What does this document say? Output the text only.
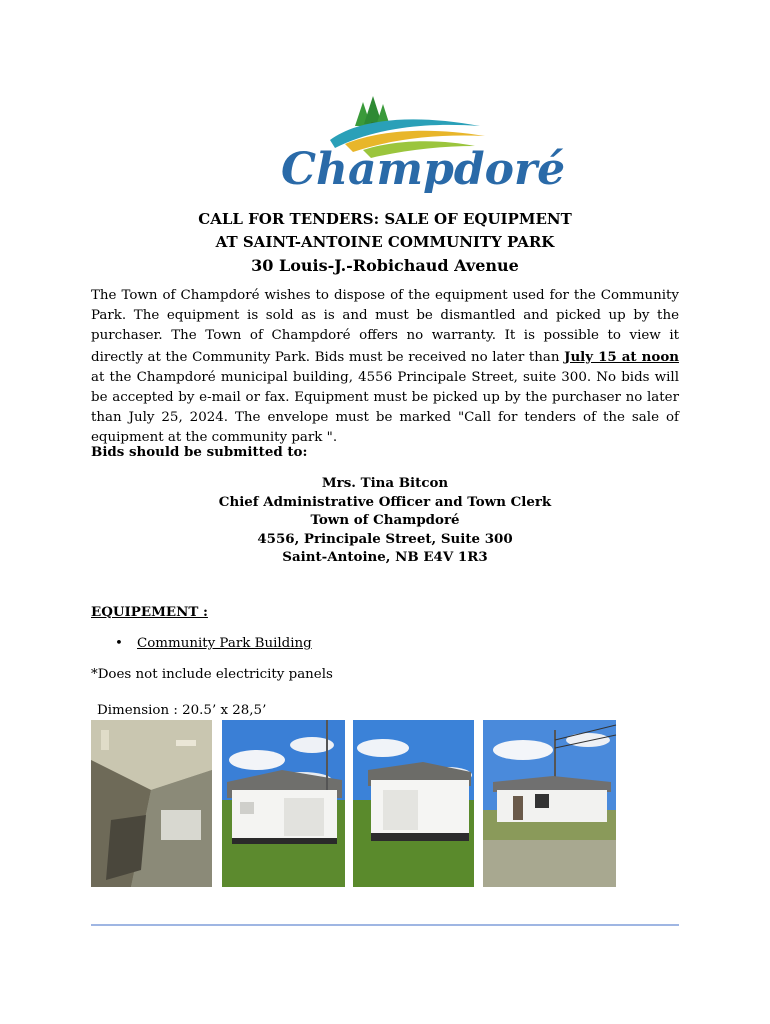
Champdoré
CALL FOR TENDERS: SALE OF EQUIPMENT
AT SAINT-ANTOINE COMMUNITY PARK
30 Louis-J.-Robichaud Avenue
The Town of Champdoré wishes to dispose of the equipment used for the Community Park. The equipment is sold as is and must be dismantled and picked up by the purchaser. The Town of Champdoré offers no warranty. It is possible to view it directly at the Community Park. Bids must be received no later than July 15 at noon at the Champdoré municipal building, 4556 Principale Street, suite 300. No bids will be accepted by e-mail or fax. Equipment must be picked up by the purchaser no later than July 25, 2024. The envelope must be marked "Call for tenders of the sale of equipment at the community park ".
Bids should be submitted to:
Mrs. Tina Bitcon
Chief Administrative Officer and Town Clerk
Town of Champdoré
4556, Principale Street, Suite 300
Saint-Antoine, NB E4V 1R3
EQUIPEMENT :
• Community Park Building
*Does not include electricity panels
Dimension : 20.5’ x 28,5’
